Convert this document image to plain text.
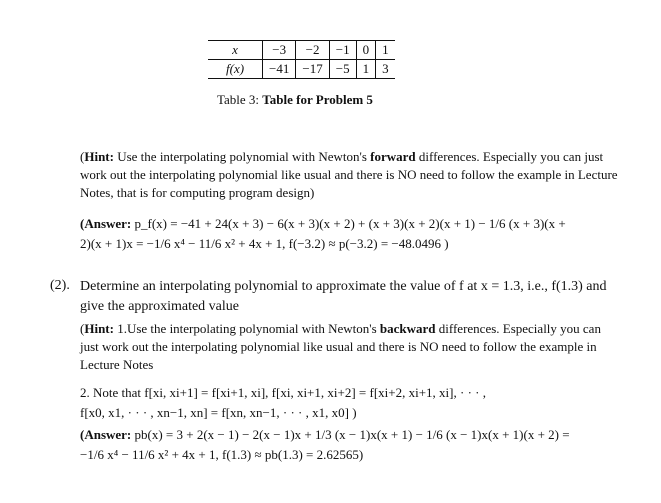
x	−3	−2	−1	0	1
f(x)	−41	−17	−5	1	3
Table 3: Table for Problem 5
(Hint: Use the interpolating polynomial with Newton's forward differences. Especially you can just work out the interpolating polynomial like usual and there is NO need to follow the example in Lecture Notes, that is for computing program design)
(Answer: p_f(x) = −41 + 24(x + 3) − 6(x + 3)(x + 2) + (x + 3)(x + 2)(x + 1) − 1/6 (x + 3)(x +
2)(x + 1)x = −1/6 x⁴ − 11/6 x² + 4x + 1, f(−3.2) ≈ p(−3.2) = −48.0496 )
(2). Determine an interpolating polynomial to approximate the value of f at x = 1.3, i.e., f(1.3) and give the approximated value
(Hint: 1.Use the interpolating polynomial with Newton's backward differences. Especially you can just work out the interpolating polynomial like usual and there is NO need to follow the example in Lecture Notes
2. Note that f[xi, xi+1] = f[xi+1, xi], f[xi, xi+1, xi+2] = f[xi+2, xi+1, xi], · · · ,
f[x0, x1, · · · , xn−1, xn] = f[xn, xn−1, · · · , x1, x0] )
(Answer: pb(x) = 3 + 2(x − 1) − 2(x − 1)x + 1/3 (x − 1)x(x + 1) − 1/6 (x − 1)x(x + 1)(x + 2) =
−1/6 x⁴ − 11/6 x² + 4x + 1, f(1.3) ≈ pb(1.3) = 2.62565)
